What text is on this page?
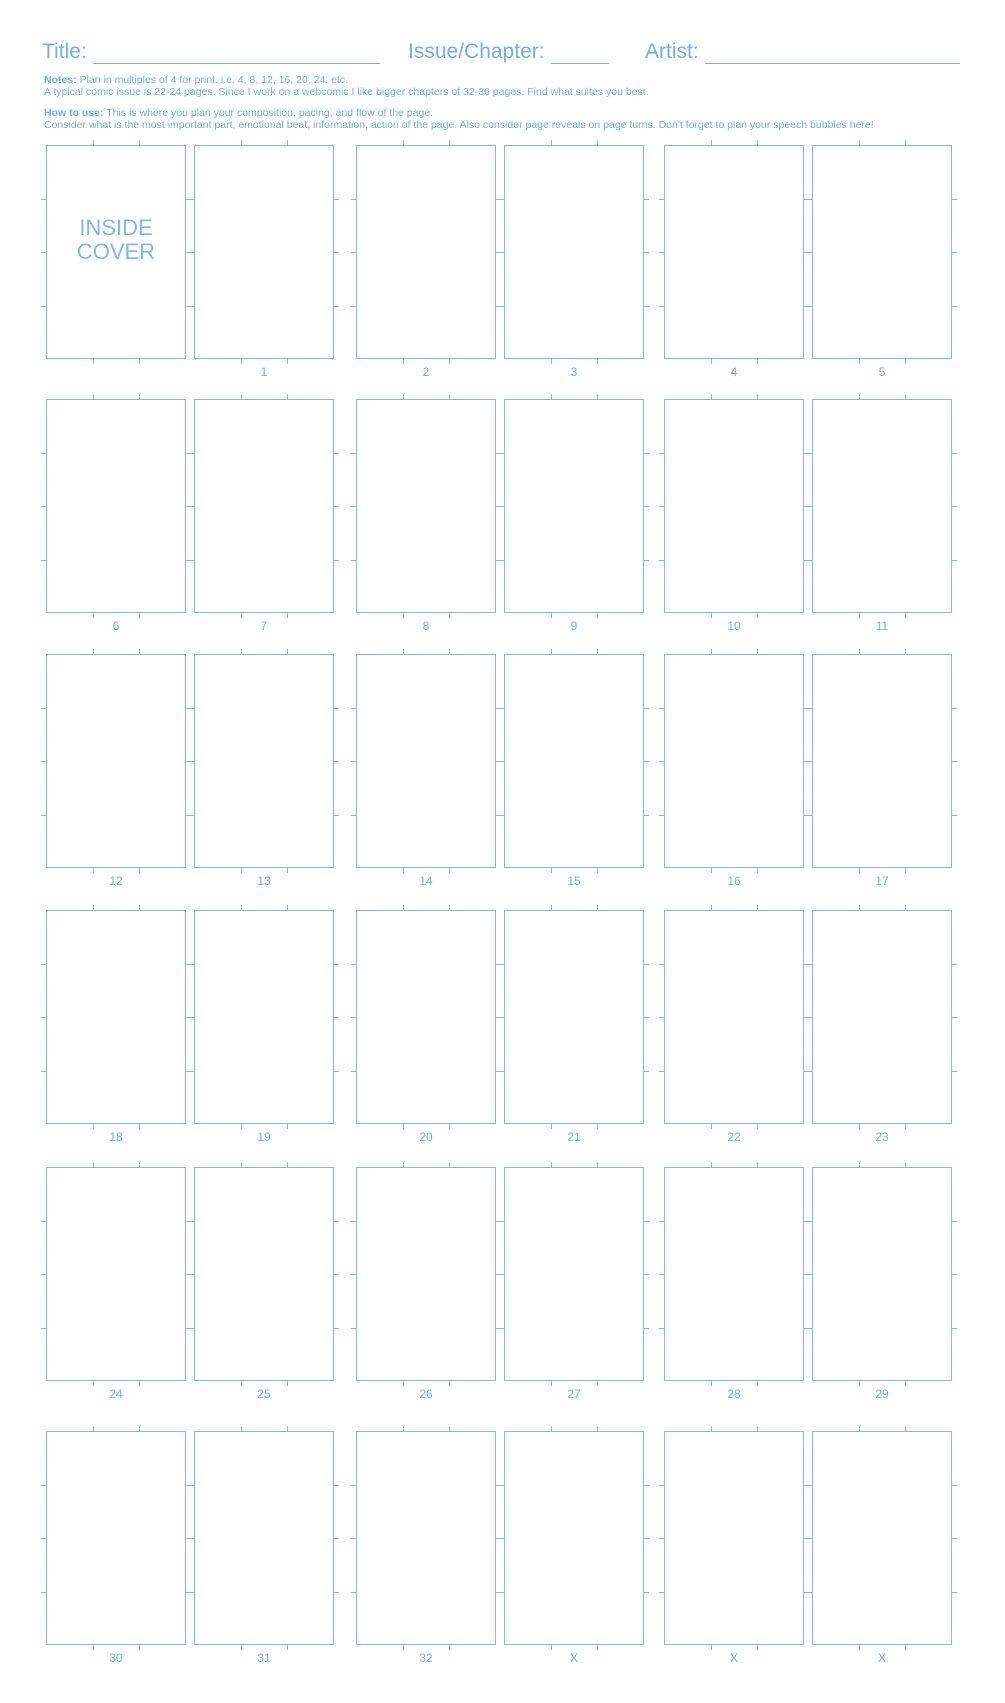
Title:	Issue/Chapter:	Artist:
Notes: Plan in multiples of 4 for print. i.e. 4, 8, 12, 16, 20, 24, etc.
A typical comic issue is 22-24 pages. Since I work on a webcomic I like bigger chapters of 32-36 pages. Find what suites you best.
How to use: This is where you plan your composition, pacing, and flow of the page.
Consider what is the most important part, emotional beat, information, action of the page. Also consider page reveals on page turns. Don't forget to plan your speech bubbles here!
INSIDE
COVER
1	2	3	4	5
6	7	8	9	10	11
12	13	14	15	16	17
18	19	20	21	22	23
24	25	26	27	28	29
30	31	32	X	X	X
